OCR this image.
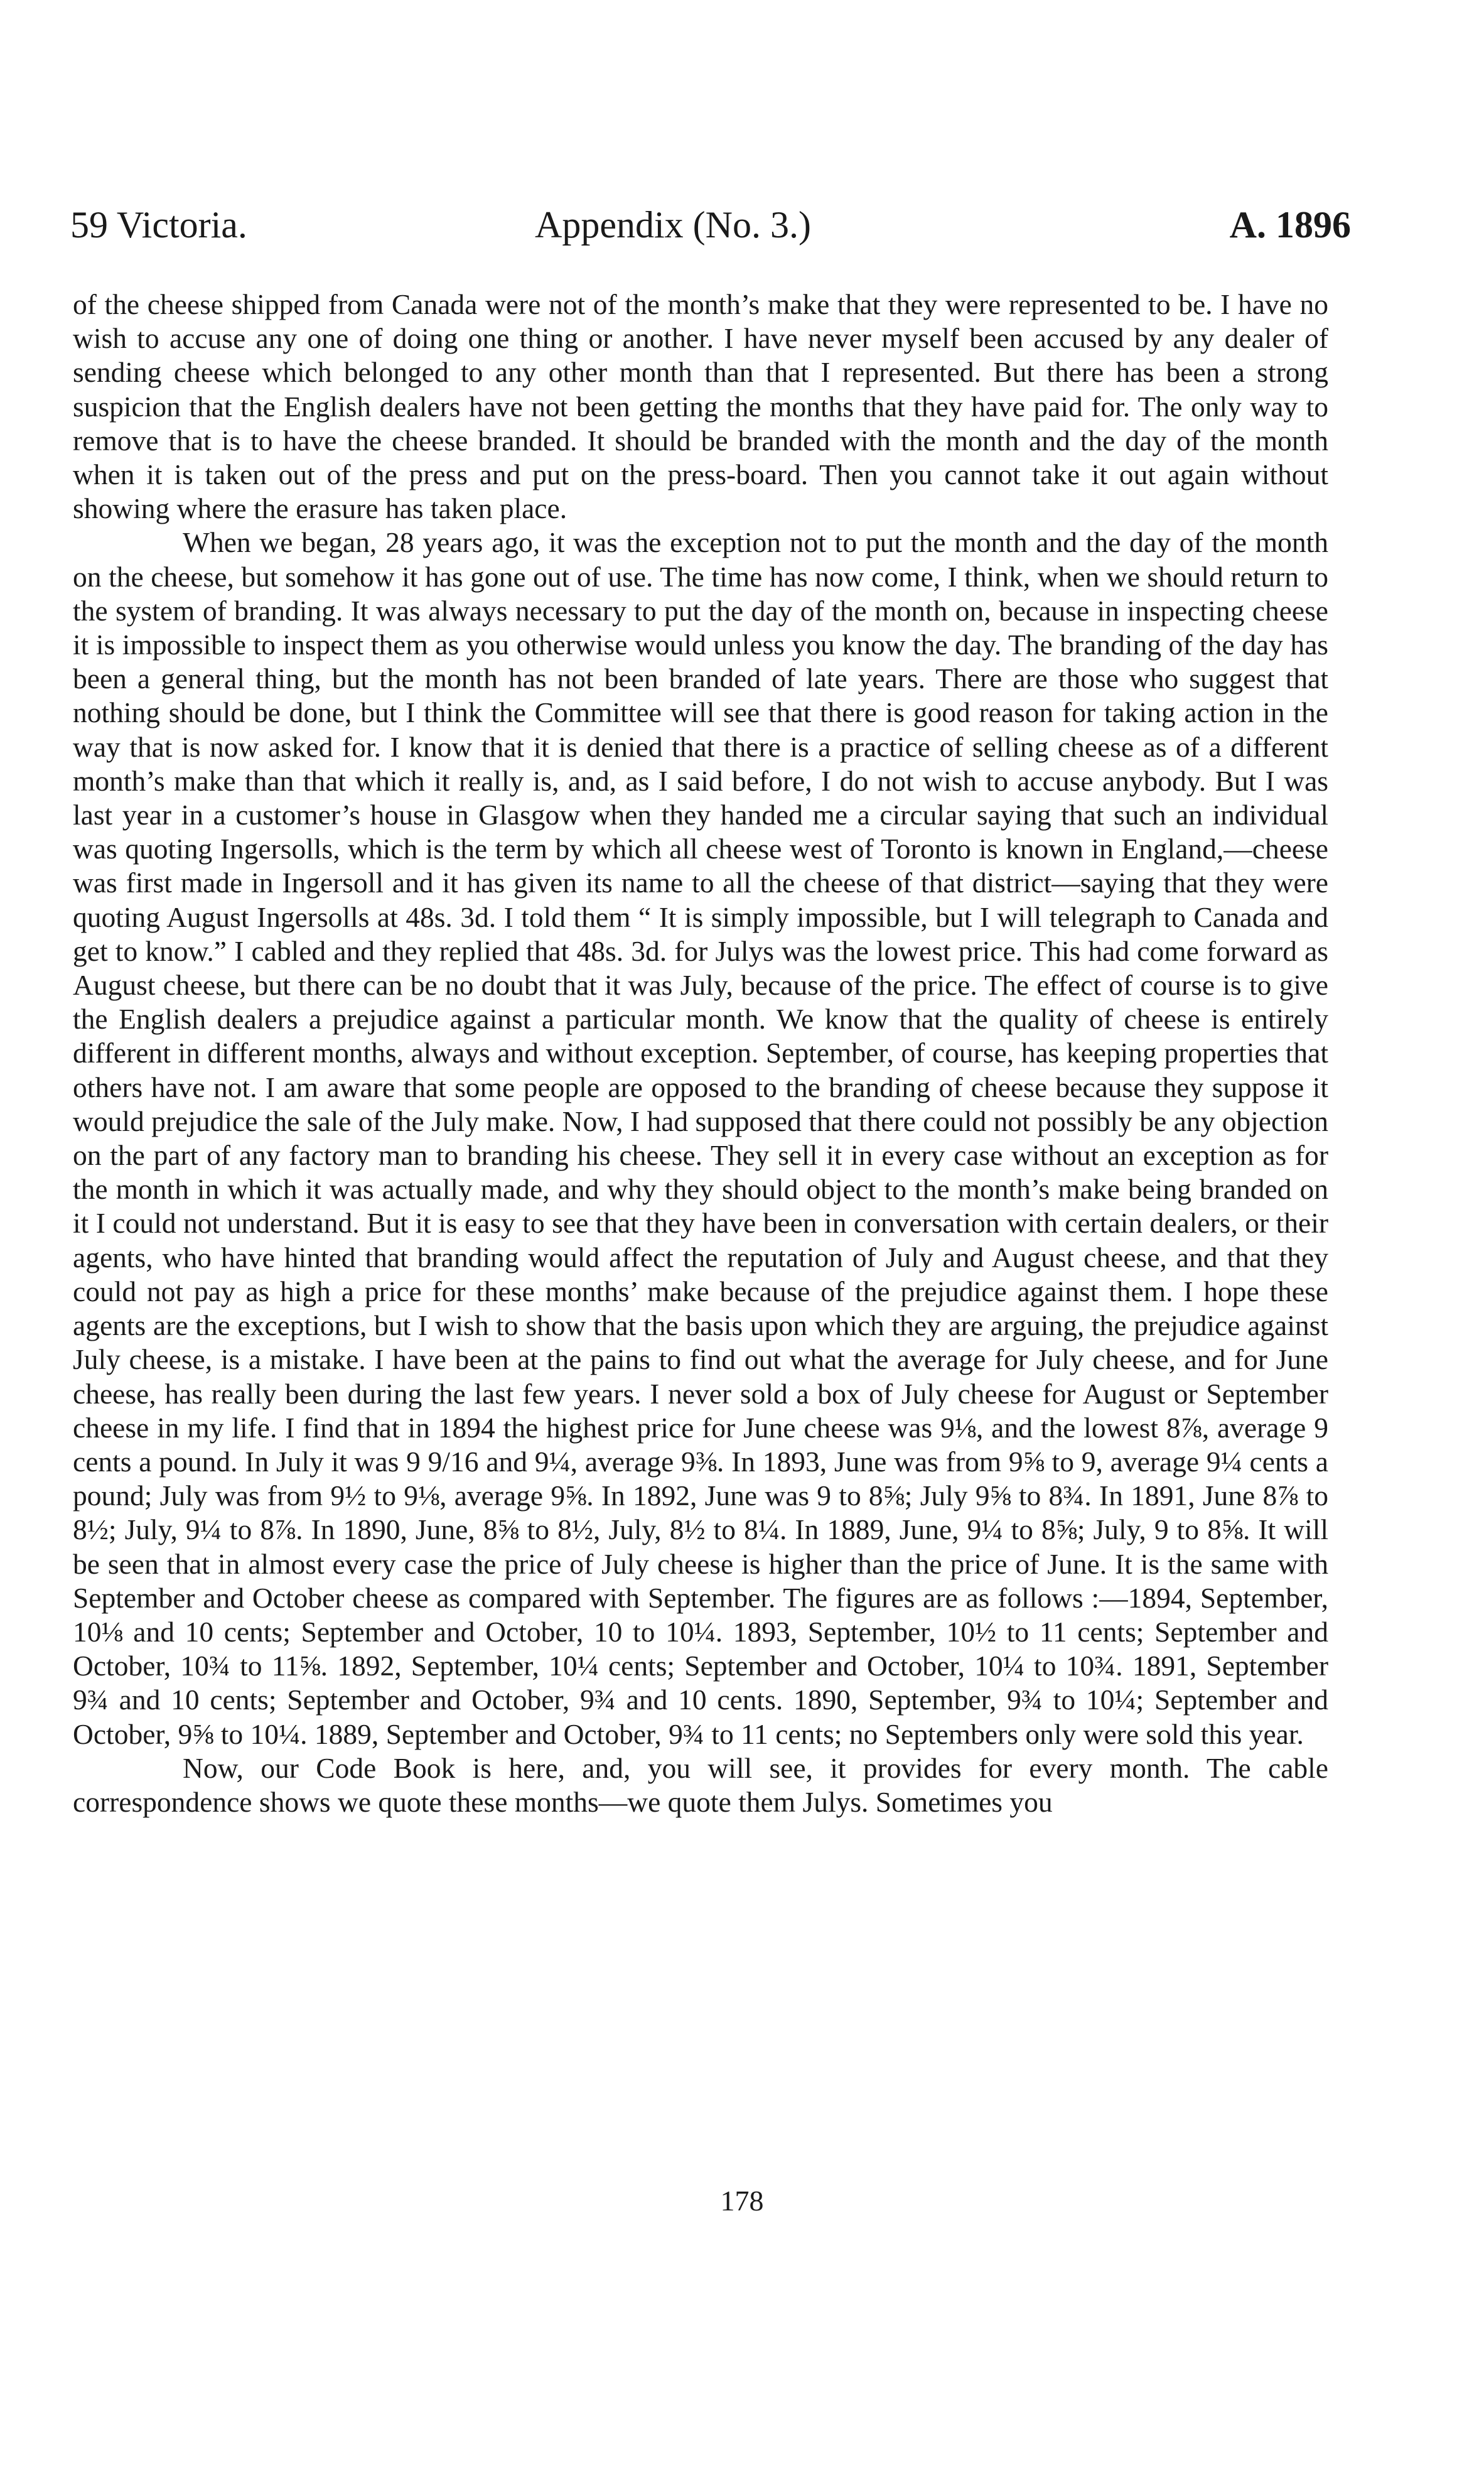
59 Victoria.	Appendix (No. 3.)	A. 1896

of the cheese shipped from Canada were not of the month’s make that they were represented to be. I have no wish to accuse any one of doing one thing or another. I have never myself been accused by any dealer of sending cheese which belonged to any other month than that I represented. But there has been a strong suspicion that the English dealers have not been getting the months that they have paid for. The only way to remove that is to have the cheese branded. It should be branded with the month and the day of the month when it is taken out of the press and put on the press-board. Then you cannot take it out again without showing where the erasure has taken place.

When we began, 28 years ago, it was the exception not to put the month and the day of the month on the cheese, but somehow it has gone out of use. The time has now come, I think, when we should return to the system of branding. It was always necessary to put the day of the month on, because in inspecting cheese it is impossible to inspect them as you otherwise would unless you know the day. The branding of the day has been a general thing, but the month has not been branded of late years. There are those who suggest that nothing should be done, but I think the Committee will see that there is good reason for taking action in the way that is now asked for. I know that it is denied that there is a practice of selling cheese as of a different month’s make than that which it really is, and, as I said before, I do not wish to accuse anybody. But I was last year in a customer’s house in Glasgow when they handed me a circular saying that such an individual was quoting Ingersolls, which is the term by which all cheese west of Toronto is known in England,—cheese was first made in Ingersoll and it has given its name to all the cheese of that district—saying that they were quoting August Ingersolls at 48s. 3d. I told them “ It is simply impossible, but I will telegraph to Canada and get to know.” I cabled and they replied that 48s. 3d. for Julys was the lowest price. This had come forward as August cheese, but there can be no doubt that it was July, because of the price. The effect of course is to give the English dealers a prejudice against a particular month. We know that the quality of cheese is entirely different in different months, always and without exception. September, of course, has keeping properties that others have not. I am aware that some people are opposed to the branding of cheese because they suppose it would prejudice the sale of the July make. Now, I had supposed that there could not possibly be any objection on the part of any factory man to branding his cheese. They sell it in every case without an exception as for the month in which it was actually made, and why they should object to the month’s make being branded on it I could not understand. But it is easy to see that they have been in conversation with certain dealers, or their agents, who have hinted that branding would affect the reputation of July and August cheese, and that they could not pay as high a price for these months’ make because of the prejudice against them. I hope these agents are the exceptions, but I wish to show that the basis upon which they are arguing, the prejudice against July cheese, is a mistake. I have been at the pains to find out what the average for July cheese, and for June cheese, has really been during the last few years. I never sold a box of July cheese for August or September cheese in my life. I find that in 1894 the highest price for June cheese was 9⅛, and the lowest 8⅞, average 9 cents a pound. In July it was 9 9/16 and 9¼, average 9⅜. In 1893, June was from 9⅝ to 9, average 9¼ cents a pound; July was from 9½ to 9⅛, average 9⅝. In 1892, June was 9 to 8⅝; July 9⅝ to 8¾. In 1891, June 8⅞ to 8½; July, 9¼ to 8⅞. In 1890, June, 8⅝ to 8½, July, 8½ to 8¼. In 1889, June, 9¼ to 8⅝; July, 9 to 8⅝. It will be seen that in almost every case the price of July cheese is higher than the price of June. It is the same with September and October cheese as compared with September. The figures are as follows :—1894, September, 10⅛ and 10 cents; September and October, 10 to 10¼. 1893, September, 10½ to 11 cents; September and October, 10¾ to 11⅝. 1892, September, 10¼ cents; September and October, 10¼ to 10¾. 1891, September 9¾ and 10 cents; September and October, 9¾ and 10 cents. 1890, September, 9¾ to 10¼; September and October, 9⅝ to 10¼. 1889, September and October, 9¾ to 11 cents; no Septembers only were sold this year.

Now, our Code Book is here, and, you will see, it provides for every month. The cable correspondence shows we quote these months—we quote them Julys. Sometimes you

178
